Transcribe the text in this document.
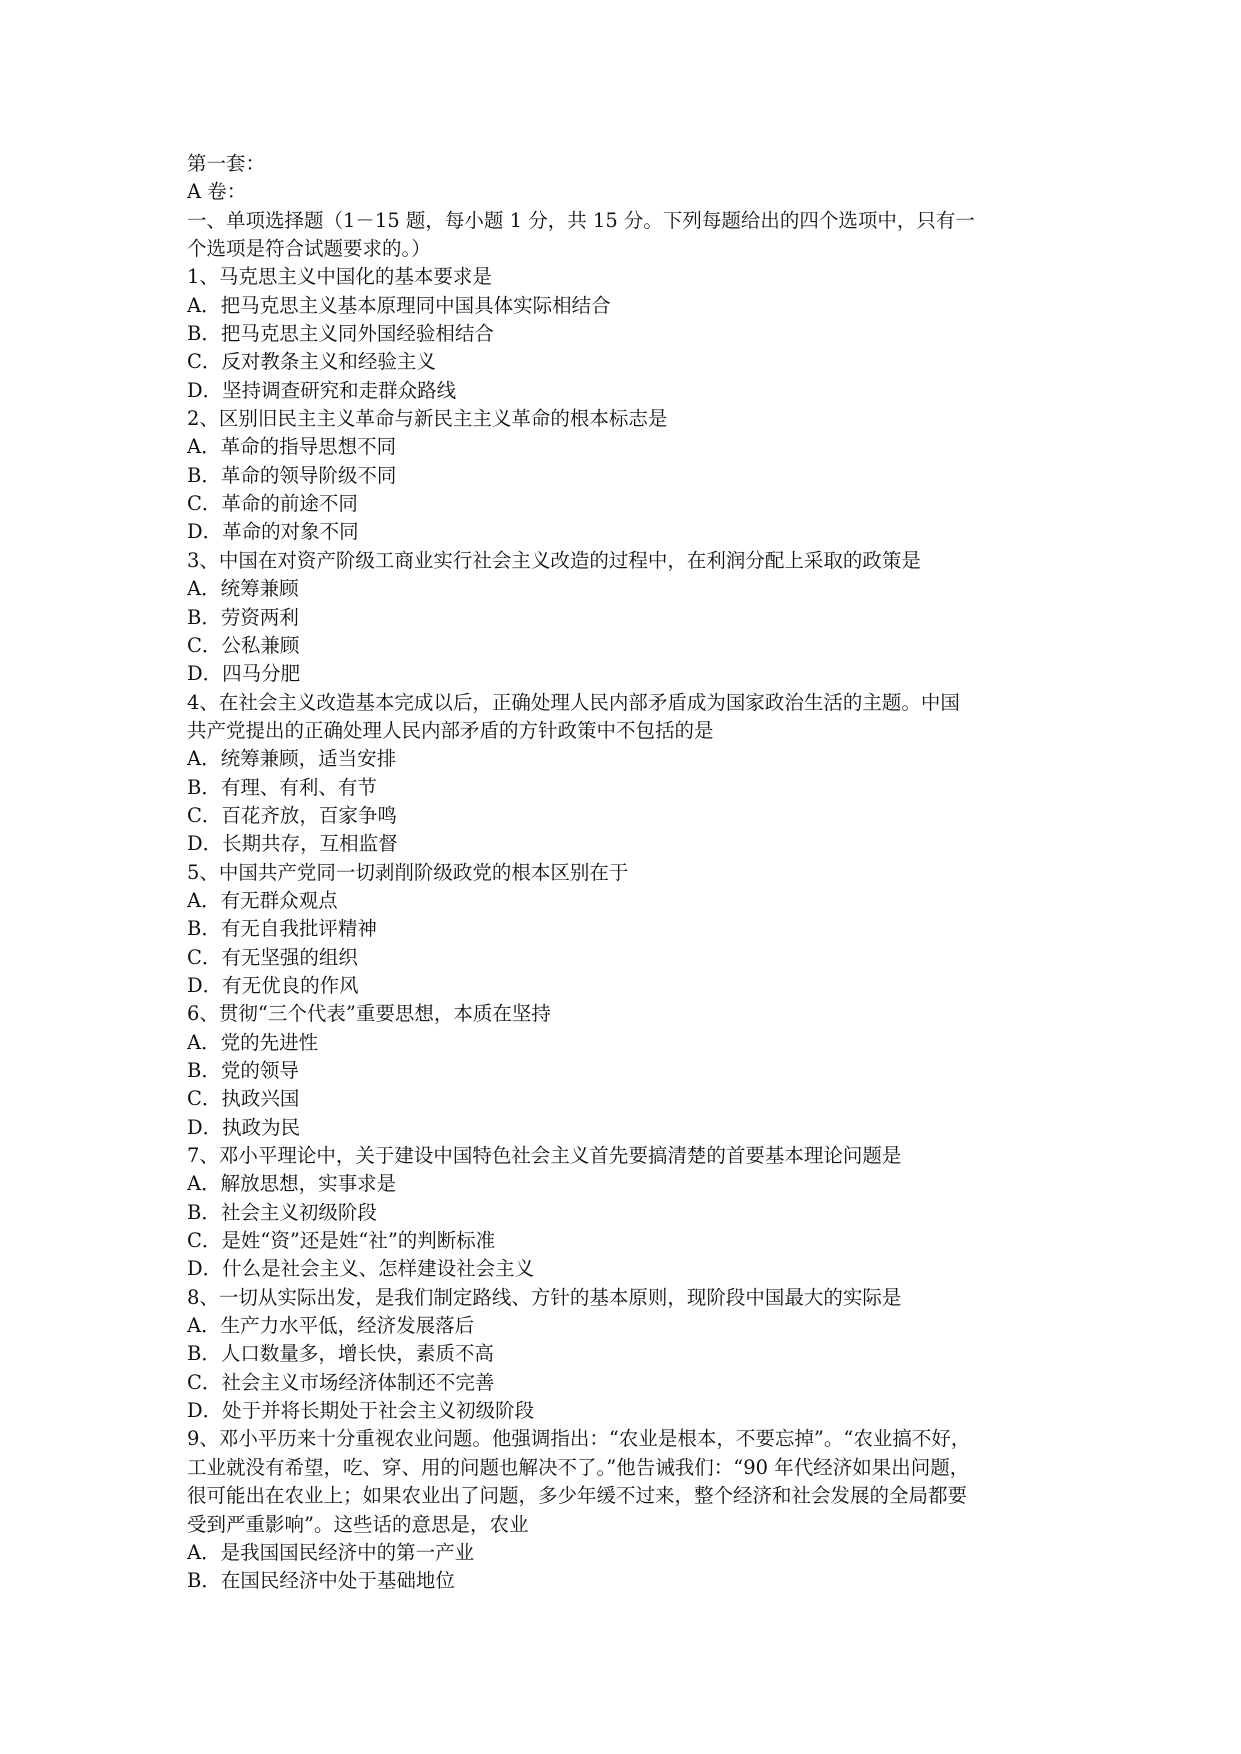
第一套：
A 卷：
一、单项选择题（1－15 题，每小题 1 分，共 15 分。下列每题给出的四个选项中，只有一
个选项是符合试题要求的。）
1、马克思主义中国化的基本要求是
A．把马克思主义基本原理同中国具体实际相结合
B．把马克思主义同外国经验相结合
C．反对教条主义和经验主义
D．坚持调查研究和走群众路线
2、区别旧民主主义革命与新民主主义革命的根本标志是
A．革命的指导思想不同
B．革命的领导阶级不同
C．革命的前途不同
D．革命的对象不同
3、中国在对资产阶级工商业实行社会主义改造的过程中，在利润分配上采取的政策是
A．统筹兼顾
B．劳资两利
C．公私兼顾
D．四马分肥
4、在社会主义改造基本完成以后，正确处理人民内部矛盾成为国家政治生活的主题。中国
共产党提出的正确处理人民内部矛盾的方针政策中不包括的是
A．统筹兼顾，适当安排
B．有理、有利、有节
C．百花齐放，百家争鸣
D．长期共存，互相监督
5、中国共产党同一切剥削阶级政党的根本区别在于
A．有无群众观点
B．有无自我批评精神
C．有无坚强的组织
D．有无优良的作风
6、贯彻“三个代表”重要思想，本质在坚持
A．党的先进性
B．党的领导
C．执政兴国
D．执政为民
7、邓小平理论中，关于建设中国特色社会主义首先要搞清楚的首要基本理论问题是
A．解放思想，实事求是
B．社会主义初级阶段
C．是姓“资”还是姓“社”的判断标准
D．什么是社会主义、怎样建设社会主义
8、一切从实际出发，是我们制定路线、方针的基本原则，现阶段中国最大的实际是
A．生产力水平低，经济发展落后
B．人口数量多，增长快，素质不高
C．社会主义市场经济体制还不完善
D．处于并将长期处于社会主义初级阶段
9、邓小平历来十分重视农业问题。他强调指出：“农业是根本，不要忘掉”。“农业搞不好，
工业就没有希望，吃、穿、用的问题也解决不了。”他告诫我们：“90 年代经济如果出问题，
很可能出在农业上；如果农业出了问题，多少年缓不过来，整个经济和社会发展的全局都要
受到严重影响”。这些话的意思是，农业
A．是我国国民经济中的第一产业
B．在国民经济中处于基础地位
